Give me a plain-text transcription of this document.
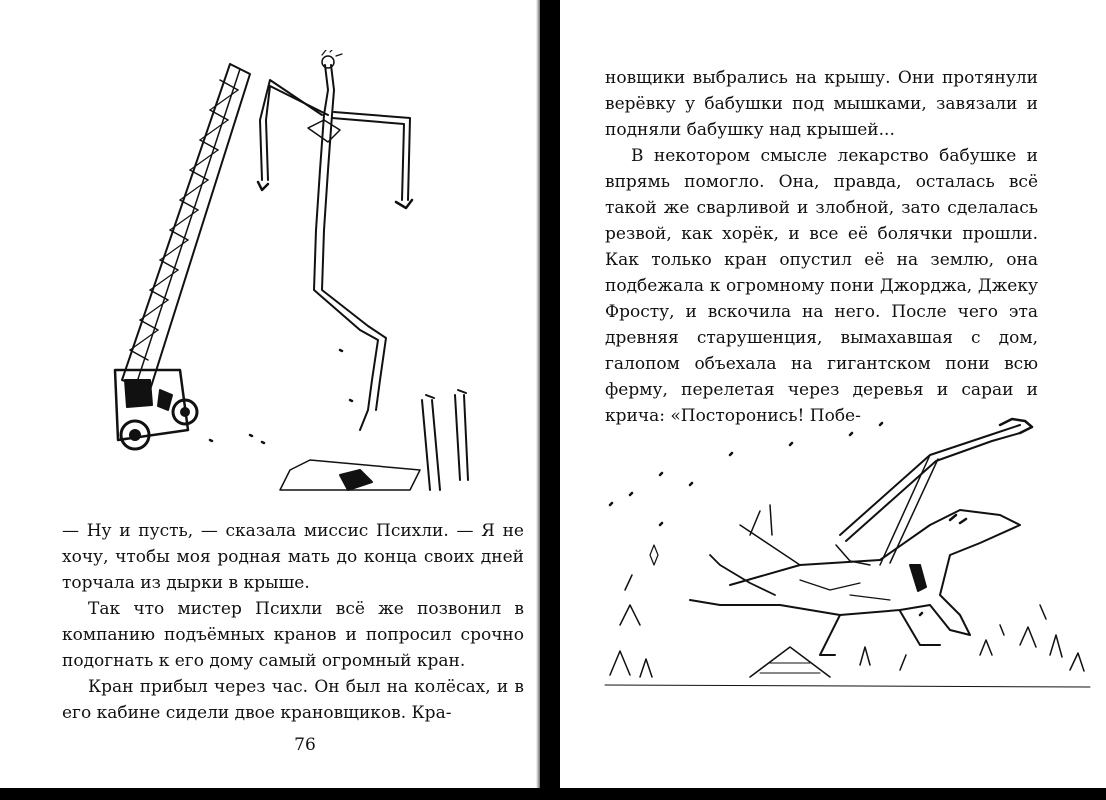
— Ну и пусть, — сказала миссис Психли. — Я не хочу, чтобы моя родная мать до конца своих дней торчала из дырки в крыше.

Так что мистер Психли всё же позвонил в компанию подъёмных кранов и попросил срочно подогнать к его дому самый огромный кран.

Кран прибыл через час. Он был на колёсах, и в его кабине сидели двое крановщиков. Кра-

76

новщики выбрались на крышу. Они протянули верёвку у бабушки под мышками, завязали и подняли бабушку над крышей...

В некотором смысле лекарство бабушке и впрямь помогло. Она, правда, осталась всё такой же сварливой и злобной, зато сделалась резвой, как хорёк, и все её болячки прошли. Как только кран опустил её на землю, она подбежала к огромному пони Джорджа, Джеку Фросту, и вскочила на него. После чего эта древняя старушенция, вымахавшая с дом, галопом объехала на гигантском пони всю ферму, перелетая через деревья и сараи и крича: «Посторонись! Побе-
